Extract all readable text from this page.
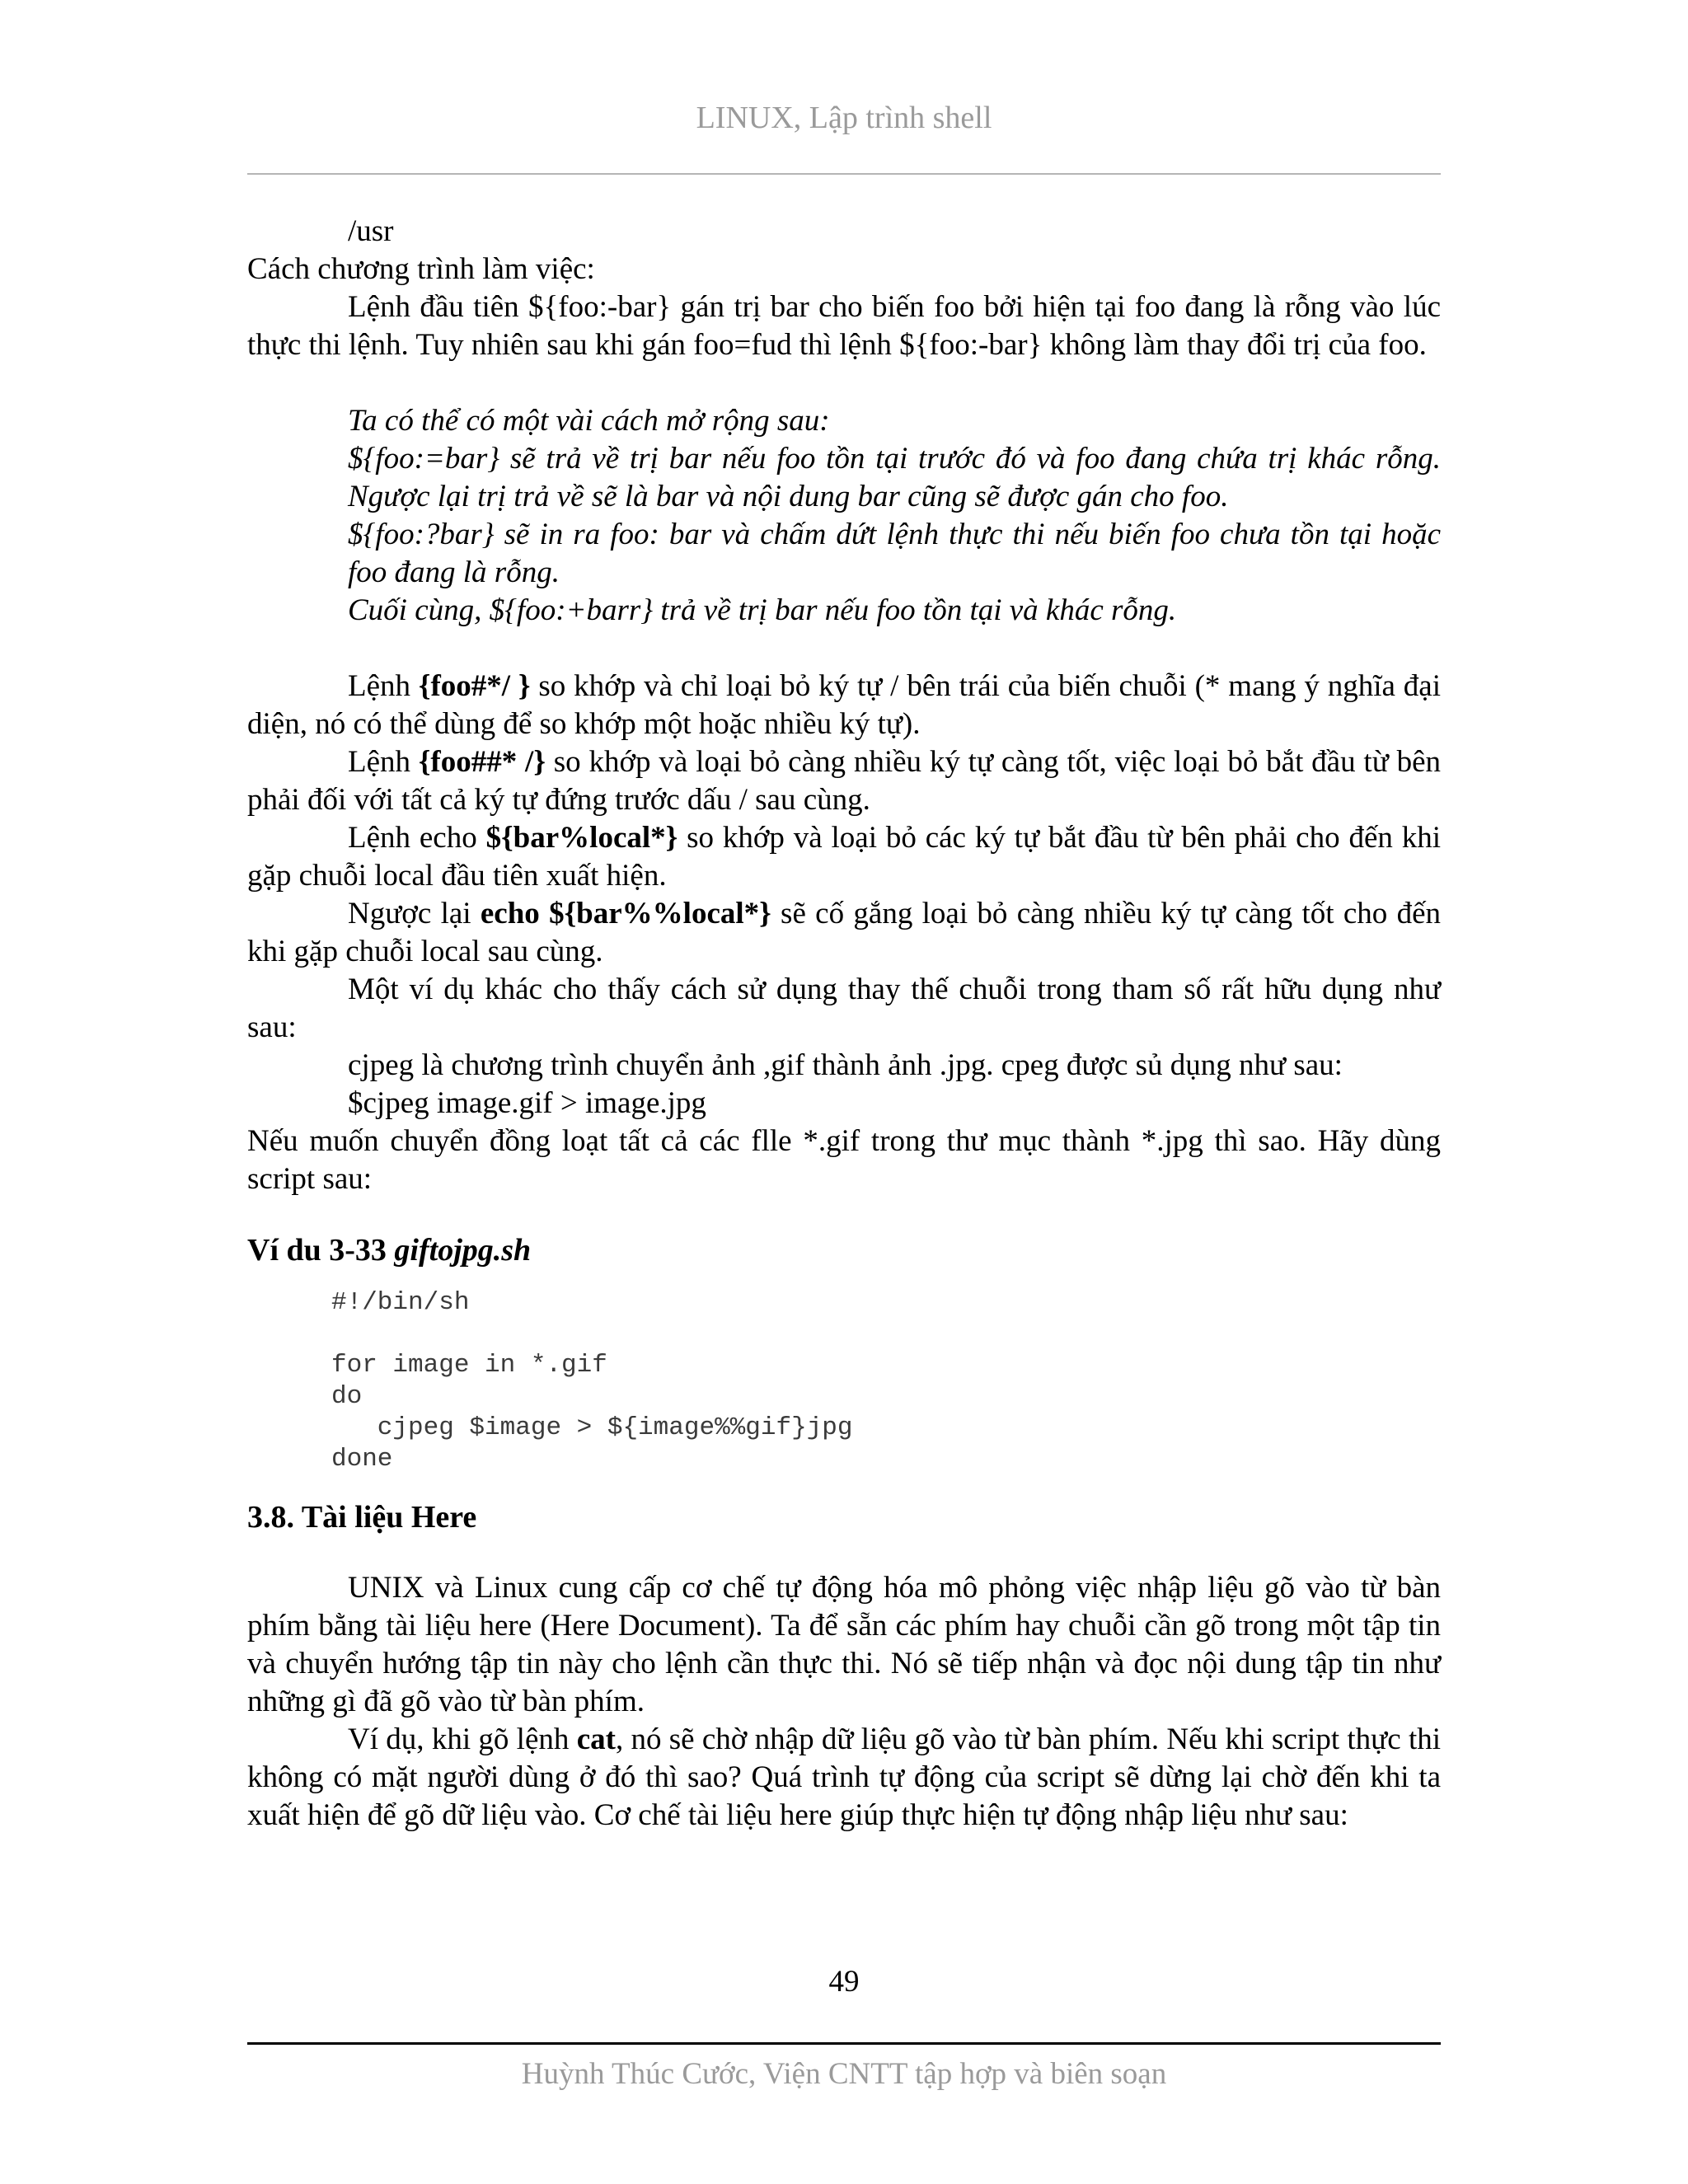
LINUX, Lập trình shell

/usr

Cách chương trình làm việc:

Lệnh đầu tiên ${foo:-bar} gán trị bar cho biến foo bởi hiện tại foo đang là rỗng vào lúc thực thi lệnh. Tuy nhiên sau khi gán foo=fud thì lệnh ${foo:-bar} không làm thay đổi trị của foo.

Ta có thể có một vài cách mở rộng sau:

${foo:=bar} sẽ trả về trị bar nếu foo tồn tại trước đó và foo đang chứa trị khác rỗng. Ngược lại trị trả về sẽ là bar và nội dung bar cũng sẽ được gán cho foo.

${foo:?bar} sẽ in ra foo: bar và chấm dứt lệnh thực thi nếu biến foo chưa tồn tại hoặc foo đang là rỗng.

Cuối cùng, ${foo:+barr} trả về trị bar nếu foo tồn tại và khác rỗng.

Lệnh {foo#*/ } so khớp và chỉ loại bỏ ký tự / bên trái của biến chuỗi (* mang ý nghĩa đại diện, nó có thể dùng để so khớp một hoặc nhiều ký tự).

Lệnh {foo##* /} so khớp và loại bỏ càng nhiều ký tự càng tốt, việc loại bỏ bắt đầu từ bên phải đối với tất cả ký tự đứng trước dấu / sau cùng.

Lệnh echo ${bar%local*} so khớp và loại bỏ các ký tự bắt đầu từ bên phải cho đến khi gặp chuỗi local đầu tiên xuất hiện.

Ngược lại echo ${bar%%local*} sẽ cố gắng loại bỏ càng nhiều ký tự càng tốt cho đến khi gặp chuỗi local sau cùng.

Một ví dụ khác cho thấy cách sử dụng thay thế chuỗi trong tham số rất hữu dụng như sau:

cjpeg là chương trình chuyển ảnh ,gif thành ảnh .jpg. cpeg được sủ dụng như sau:

$cjpeg image.gif > image.jpg

Nếu muốn chuyển đồng loạt tất cả các flle *.gif trong thư mục thành *.jpg thì sao. Hãy dùng script sau:

Ví du 3-33 giftojpg.sh

#!/bin/sh

for image in *.gif

do

cjpeg $image > ${image%%gif}jpg

done

3.8. Tài liệu Here

UNIX và Linux cung cấp cơ chế tự động hóa mô phỏng việc nhập liệu gõ vào từ bàn phím bằng tài liệu here (Here Document). Ta để sẵn các phím hay chuỗi cần gõ trong một tập tin và chuyển hướng tập tin này cho lệnh cần thực thi. Nó sẽ tiếp nhận và đọc nội dung tập tin như những gì đã gõ vào từ bàn phím.

Ví dụ, khi gõ lệnh cat, nó sẽ chờ nhập dữ liệu gõ vào từ bàn phím. Nếu khi script thực thi không có mặt người dùng ở đó thì sao? Quá trình tự động của script sẽ dừng lại chờ đến khi ta xuất hiện để gõ dữ liệu vào. Cơ chế tài liệu here giúp thực hiện tự động nhập liệu như sau:

49
Huỳnh Thúc Cước, Viện CNTT tập hợp và biên soạn
